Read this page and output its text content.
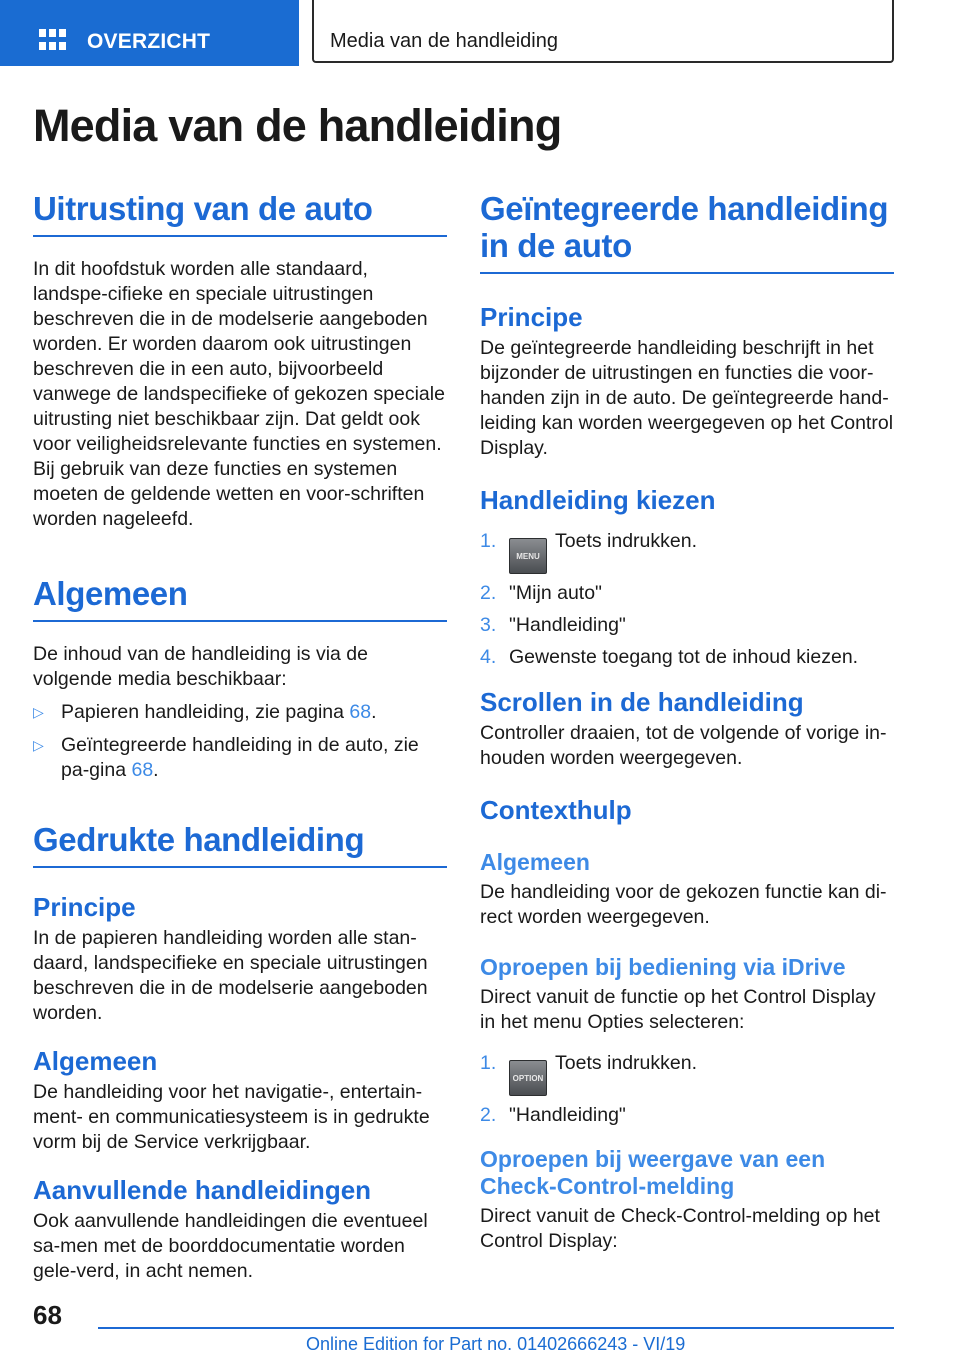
OVERZICHT	Media van de handleiding
Media van de handleiding
Uitrusting van de auto

In dit hoofdstuk worden alle standaard, landspe-cifieke en speciale uitrustingen beschreven die in de modelserie aangeboden worden. Er worden daarom ook uitrustingen beschreven die in een auto, bijvoorbeeld vanwege de landspecifieke of gekozen speciale uitrusting niet beschikbaar zijn. Dat geldt ook voor veiligheidsrelevante functies en systemen. Bij gebruik van deze functies en systemen moeten de geldende wetten en voor-schriften worden nageleefd.

Algemeen

De inhoud van de handleiding is via de volgende media beschikbaar:

▷ Papieren handleiding, zie pagina 68.
▷ Geïntegreerde handleiding in de auto, zie pa-gina 68.
Gedrukte handleiding
Principe

In de papieren handleiding worden alle stan-daard, landspecifieke en speciale uitrustingen beschreven die in de modelserie aangeboden worden.

Algemeen

De handleiding voor het navigatie-, entertain-ment- en communicatiesysteem is in gedrukte vorm bij de Service verkrijgbaar.

Aanvullende handleidingen

Ook aanvullende handleidingen die eventueel sa-men met de boorddocumentatie worden gele-verd, in acht nemen.

Geïntegreerde handleiding in de auto
Principe

De geïntegreerde handleiding beschrijft in het bijzonder de uitrustingen en functies die voor-handen zijn in de auto. De geïntegreerde hand-leiding kan worden weergegeven op het Control Display.

Handleiding kiezen
1.
MENUToets indrukken.
2. "Mijn auto"
3. "Handleiding"
4. Gewenste toegang tot de inhoud kiezen.
Scrollen in de handleiding

Controller draaien, tot de volgende of vorige in-houden worden weergegeven.

Contexthulp
Algemeen

De handleiding voor de gekozen functie kan di-rect worden weergegeven.

Oproepen bij bediening via iDrive

Direct vanuit de functie op het Control Display in het menu Opties selecteren:

1.
OPTIONToets indrukken.
2. "Handleiding"
Oproepen bij weergave van een Check-Control-melding

Direct vanuit de Check-Control-melding op het Control Display:

68
Online Edition for Part no. 01402666243 - VI/19
